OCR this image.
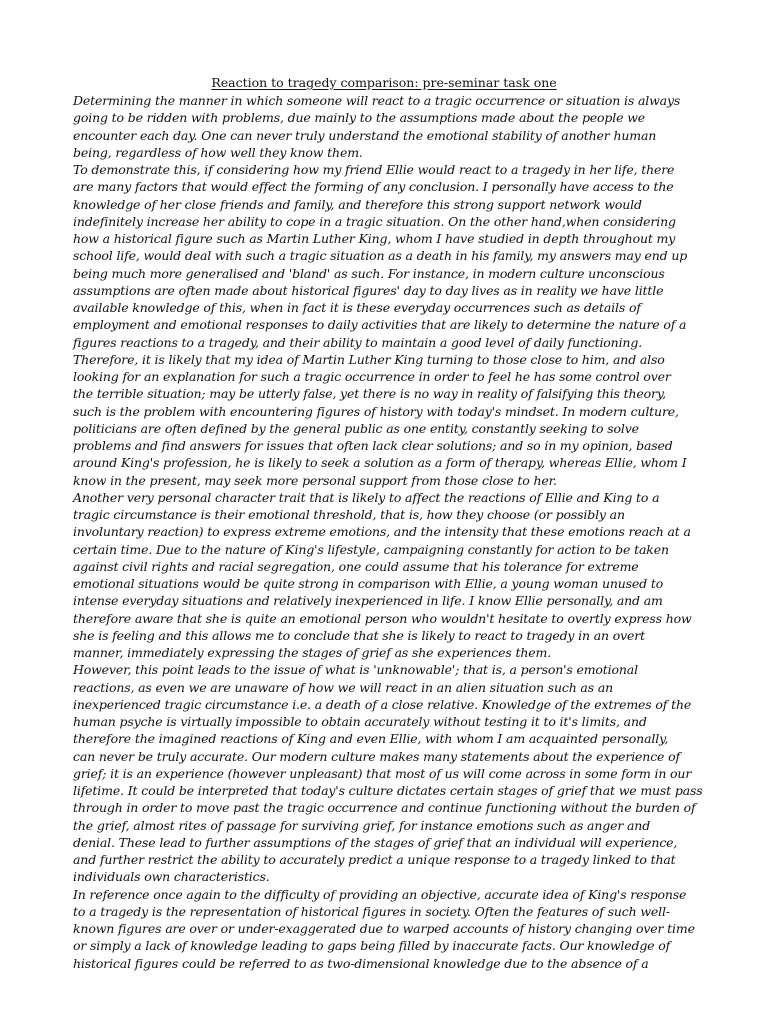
Reaction to tragedy comparison: pre-seminar task one
Determining the manner in which someone will react to a tragic occurrence or situation is always
going to be ridden with problems, due mainly to the assumptions made about the people we
encounter each day. One can never truly understand the emotional stability of another human
being, regardless of how well they know them.
To demonstrate this, if considering how my friend Ellie would react to a tragedy in her life, there
are many factors that would effect the forming of any conclusion. I personally have access to the
knowledge of her close friends and family, and therefore this strong support network would
indefinitely increase her ability to cope in a tragic situation. On the other hand,when considering
how a historical figure such as Martin Luther King, whom I have studied in depth throughout my
school life, would deal with such a tragic situation as a death in his family, my answers may end up
being much more generalised and 'bland' as such. For instance, in modern culture unconscious
assumptions are often made about historical figures' day to day lives as in reality we have little
available knowledge of this, when in fact it is these everyday occurrences such as details of
employment and emotional responses to daily activities that are likely to determine the nature of a
figures reactions to a tragedy, and their ability to maintain a good level of daily functioning.
Therefore, it is likely that my idea of Martin Luther King turning to those close to him, and also
looking for an explanation for such a tragic occurrence in order to feel he has some control over
the terrible situation; may be utterly false, yet there is no way in reality of falsifying this theory,
such is the problem with encountering figures of history with today's mindset. In modern culture,
politicians are often defined by the general public as one entity, constantly seeking to solve
problems and find answers for issues that often lack clear solutions; and so in my opinion, based
around King's profession, he is likely to seek a solution as a form of therapy, whereas Ellie, whom I
know in the present, may seek more personal support from those close to her.
Another very personal character trait that is likely to affect the reactions of Ellie and King to a
tragic circumstance is their emotional threshold, that is, how they choose (or possibly an
involuntary reaction) to express extreme emotions, and the intensity that these emotions reach at a
certain time. Due to the nature of King's lifestyle, campaigning constantly for action to be taken
against civil rights and racial segregation, one could assume that his tolerance for extreme
emotional situations would be quite strong in comparison with Ellie, a young woman unused to
intense everyday situations and relatively inexperienced in life. I know Ellie personally, and am
therefore aware that she is quite an emotional person who wouldn't hesitate to overtly express how
she is feeling and this allows me to conclude that she is likely to react to tragedy in an overt
manner, immediately expressing the stages of grief as she experiences them.
However, this point leads to the issue of what is 'unknowable'; that is, a person's emotional
reactions, as even we are unaware of how we will react in an alien situation such as an
inexperienced tragic circumstance i.e. a death of a close relative. Knowledge of the extremes of the
human psyche is virtually impossible to obtain accurately without testing it to it's limits, and
therefore the imagined reactions of King and even Ellie, with whom I am acquainted personally,
can never be truly accurate. Our modern culture makes many statements about the experience of
grief; it is an experience (however unpleasant) that most of us will come across in some form in our
lifetime. It could be interpreted that today's culture dictates certain stages of grief that we must pass
through in order to move past the tragic occurrence and continue functioning without the burden of
the grief, almost rites of passage for surviving grief, for instance emotions such as anger and
denial. These lead to further assumptions of the stages of grief that an individual will experience,
and further restrict the ability to accurately predict a unique response to a tragedy linked to that
individuals own characteristics.
In reference once again to the difficulty of providing an objective, accurate idea of King's response
to a tragedy is the representation of historical figures in society. Often the features of such well-
known figures are over or under-exaggerated due to warped accounts of history changing over time
or simply a lack of knowledge leading to gaps being filled by inaccurate facts. Our knowledge of
historical figures could be referred to as two-dimensional knowledge due to the absence of a
